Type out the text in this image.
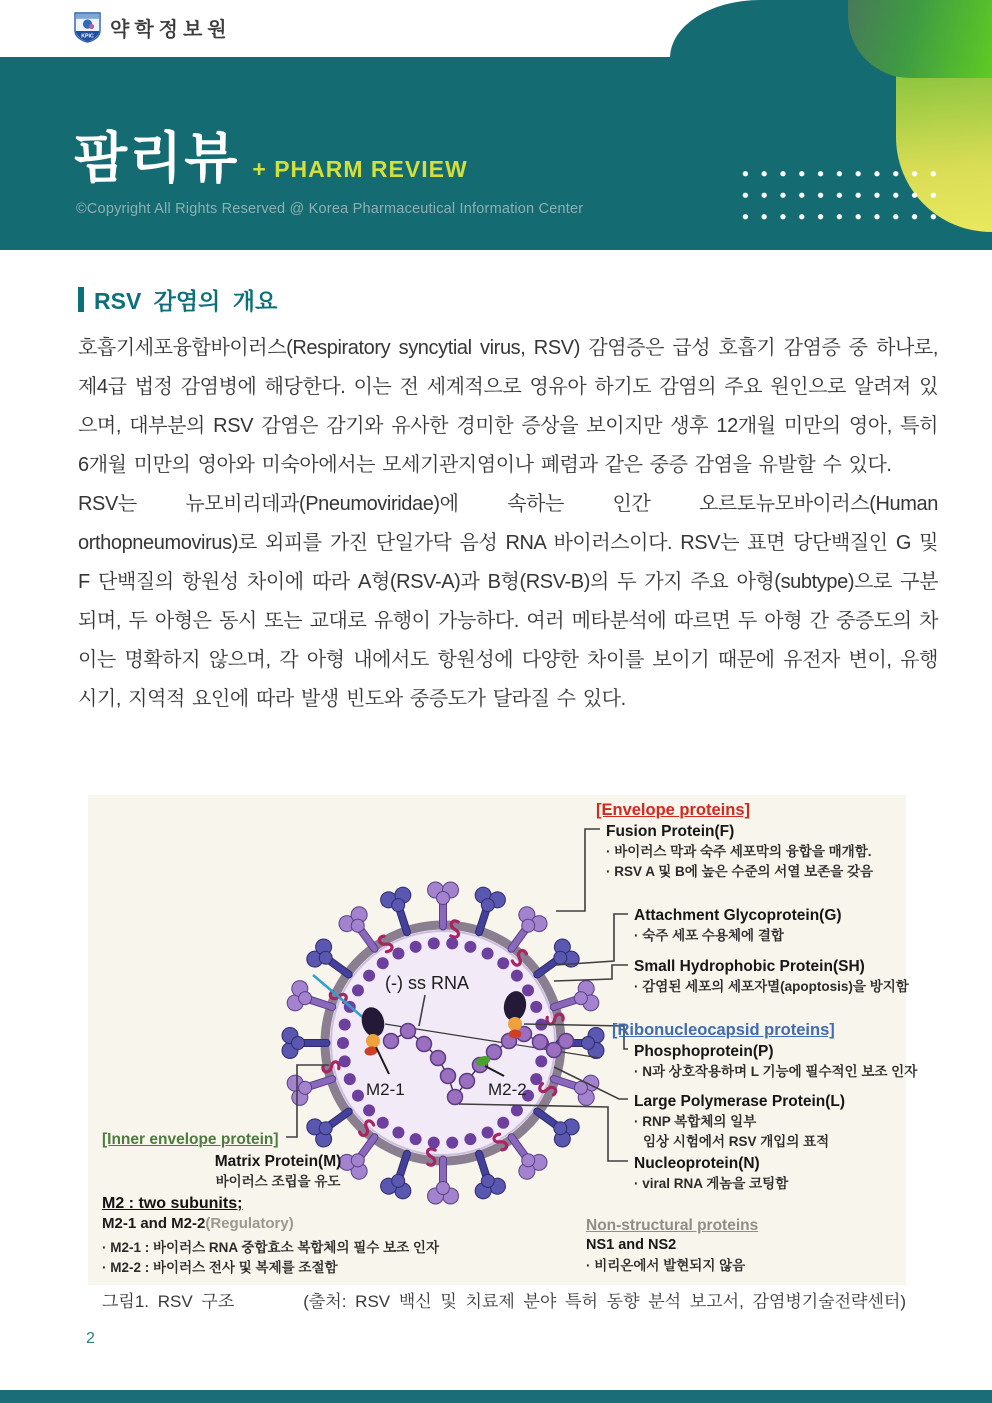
KPIC 약학정보원
팜리뷰 + PHARM REVIEW
©Copyright All Rights Reserved @ Korea Pharmaceutical Information Center
RSV 감염의 개요

호흡기세포융합바이러스(Respiratory syncytial virus, RSV) 감염증은 급성 호흡기 감염증 중 하나로, 제4급 법정 감염병에 해당한다. 이는 전 세계적으로 영유아 하기도 감염의 주요 원인으로 알려져 있으며, 대부분의 RSV 감염은 감기와 유사한 경미한 증상을 보이지만 생후 12개월 미만의 영아, 특히 6개월 미만의 영아와 미숙아에서는 모세기관지염이나 폐렴과 같은 중증 감염을 유발할 수 있다.

RSV는 뉴모비리데과(Pneumoviridae)에 속하는 인간 오르토뉴모바이러스(Human orthopneumovirus)로 외피를 가진 단일가닥 음성 RNA 바이러스이다. RSV는 표면 당단백질인 G 및 F 단백질의 항원성 차이에 따라 A형(RSV-A)과 B형(RSV-B)의 두 가지 주요 아형(subtype)으로 구분되며, 두 아형은 동시 또는 교대로 유행이 가능하다. 여러 메타분석에 따르면 두 아형 간 중증도의 차이는 명확하지 않으며, 각 아형 내에서도 항원성에 다양한 차이를 보이기 때문에 유전자 변이, 유행 시기, 지역적 요인에 따라 발생 빈도와 중증도가 달라질 수 있다.

(-) ss RNA
M2-1	M2-2
[Envelope proteins]
Fusion Protein(F)
· 바이러스 막과 숙주 세포막의 융합을 매개함.
· RSV A 및 B에 높은 수준의 서열 보존을 갖음
Attachment Glycoprotein(G)
· 숙주 세포 수용체에 결합
Small Hydrophobic Protein(SH)
· 감염된 세포의 세포자멸(apoptosis)을 방지함
[Ribonucleocapsid proteins]
Phosphoprotein(P)
· N과 상호작용하며 L 기능에 필수적인 보조 인자
Large Polymerase Protein(L)
· RNP 복합체의 일부
임상 시험에서 RSV 개입의 표적
Nucleoprotein(N)
· viral RNA 게놈을 코팅함
[Inner envelope protein]
Matrix Protein(M)
바이러스 조립을 유도
M2 : two subunits;
M2-1 and M2-2(Regulatory)
· M2-1 : 바이러스 RNA 중합효소 복합체의 필수 보조 인자
· M2-2 : 바이러스 전사 및 복제를 조절함
Non-structural proteins
NS1 and NS2
· 비리온에서 발현되지 않음
그림1. RSV 구조	(출처: RSV 백신 및 치료제 분야 특허 동향 분석 보고서, 감염병기술전략센터)
2
